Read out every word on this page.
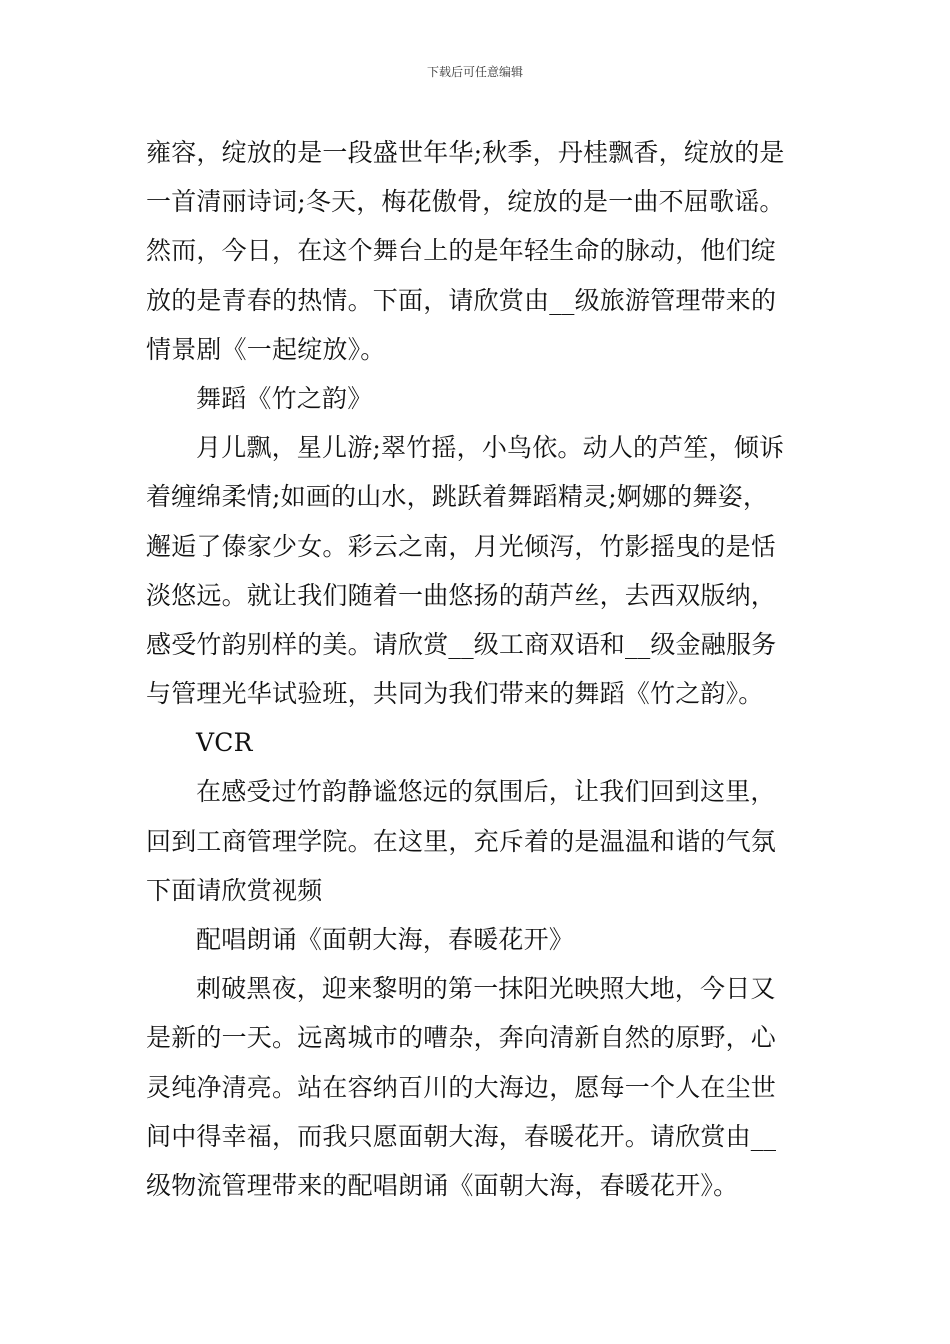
下载后可任意编辑
雍容，绽放的是一段盛世年华;秋季，丹桂飘香，绽放的是
一首清丽诗词;冬天，梅花傲骨，绽放的是一曲不屈歌谣。
然而，今日，在这个舞台上的是年轻生命的脉动，他们绽
放的是青春的热情。下面，请欣赏由__级旅游管理带来的
情景剧《一起绽放》。
舞蹈《竹之韵》
月儿飘，星儿游;翠竹摇，小鸟依。动人的芦笙，倾诉
着缠绵柔情;如画的山水，跳跃着舞蹈精灵;婀娜的舞姿，
邂逅了傣家少女。彩云之南，月光倾泻，竹影摇曳的是恬
淡悠远。就让我们随着一曲悠扬的葫芦丝，去西双版纳，
感受竹韵别样的美。请欣赏__级工商双语和__级金融服务
与管理光华试验班，共同为我们带来的舞蹈《竹之韵》。
VCR
在感受过竹韵静谧悠远的氛围后，让我们回到这里，
回到工商管理学院。在这里，充斥着的是温温和谐的气氛
下面请欣赏视频
配唱朗诵《面朝大海，春暖花开》
刺破黑夜，迎来黎明的第一抹阳光映照大地，今日又
是新的一天。远离城市的嘈杂，奔向清新自然的原野，心
灵纯净清亮。站在容纳百川的大海边，愿每一个人在尘世
间中得幸福，而我只愿面朝大海，春暖花开。请欣赏由__
级物流管理带来的配唱朗诵《面朝大海，春暖花开》。
